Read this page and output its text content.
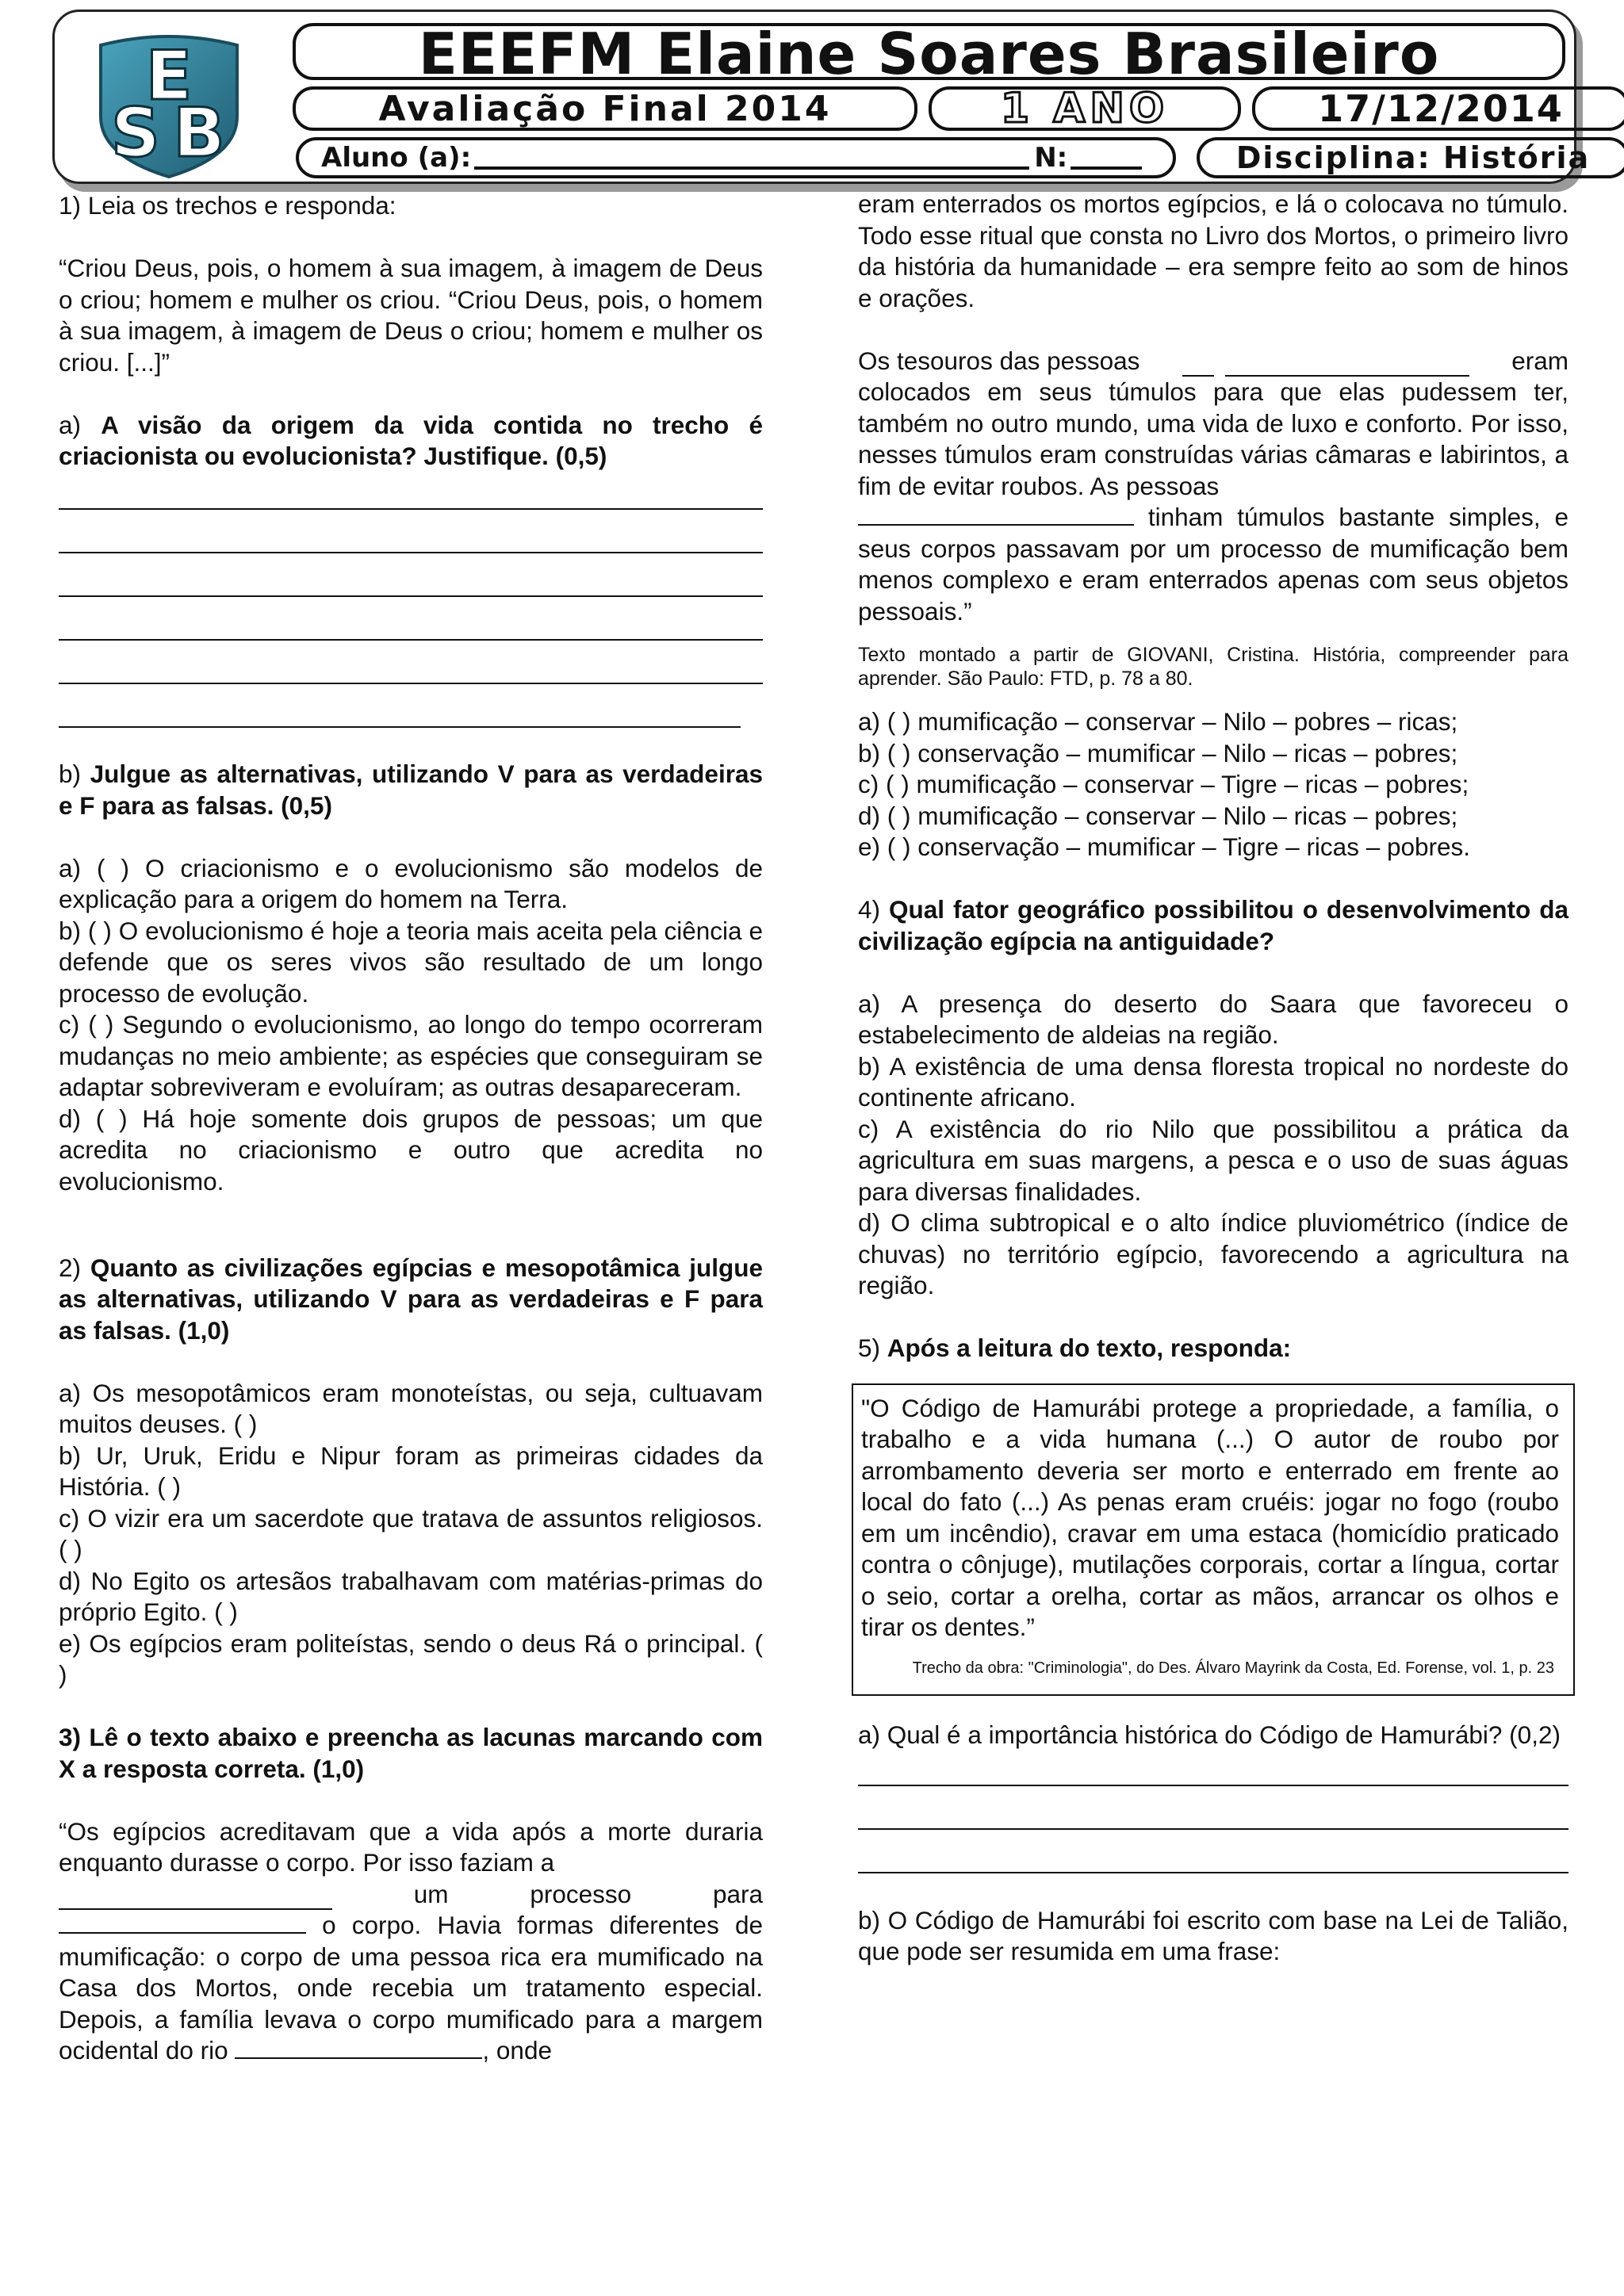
E
S B
EEEFM Elaine Soares Brasileiro
Avaliação Final 2014	1 ANO	17/12/2014
Aluno (a):	N:	Disciplina: História

1) Leia os trechos e responda:

“Criou Deus, pois, o homem à sua imagem, à imagem de Deus o criou; homem e mulher os criou. “Criou Deus, pois, o homem à sua imagem, à imagem de Deus o criou; homem e mulher os criou. [...]”

a) A visão da origem da vida contida no trecho é criacionista ou evolucionista? Justifique. (0,5)

b) Julgue as alternativas, utilizando V para as verdadeiras e F para as falsas. (0,5)

a) ( ) O criacionismo e o evolucionismo são modelos de explicação para a origem do homem na Terra.

b) ( ) O evolucionismo é hoje a teoria mais aceita pela ciência e defende que os seres vivos são resultado de um longo processo de evolução.

c) ( ) Segundo o evolucionismo, ao longo do tempo ocorreram mudanças no meio ambiente; as espécies que conseguiram se adaptar sobreviveram e evoluíram; as outras desapareceram.

d) ( ) Há hoje somente dois grupos de pessoas; um que acredita no criacionismo e outro que acredita no evolucionismo.

2) Quanto as civilizações egípcias e mesopotâmica julgue as alternativas, utilizando V para as verdadeiras e F para as falsas. (1,0)

a) Os mesopotâmicos eram monoteístas, ou seja, cultuavam muitos deuses. ( )

b) Ur, Uruk, Eridu e Nipur foram as primeiras cidades da História. ( )

c) O vizir era um sacerdote que tratava de assuntos religiosos. ( )

d) No Egito os artesãos trabalhavam com matérias-primas do próprio Egito. ( )

e) Os egípcios eram politeístas, sendo o deus Rá o principal. ( )

3) Lê o texto abaixo e preencha as lacunas marcando com X a resposta correta. (1,0)

“Os egípcios acreditavam que a vida após a morte duraria enquanto durasse o corpo. Por isso faziam a

um	processo	para

o corpo. Havia formas diferentes de mumificação: o corpo de uma pessoa rica era mumificado na Casa dos Mortos, onde recebia um tratamento especial. Depois, a família levava o corpo mumificado para a margem ocidental do rio	, onde

eram enterrados os mortos egípcios, e lá o colocava no túmulo. Todo esse ritual que consta no Livro dos Mortos, o primeiro livro da história da humanidade – era sempre feito ao som de hinos e orações.

Os tesouros das pessoas	eram

colocados em seus túmulos para que elas pudessem ter, também no outro mundo, uma vida de luxo e conforto. Por isso, nesses túmulos eram construídas várias câmaras e labirintos, a fim de evitar roubos. As pessoas

tinham túmulos bastante simples, e seus corpos passavam por um processo de mumificação bem menos complexo e eram enterrados apenas com seus objetos pessoais.”

Texto montado a partir de GIOVANI, Cristina. História, compreender para aprender. São Paulo: FTD, p. 78 a 80.

a) ( ) mumificação – conservar – Nilo – pobres – ricas;

b) ( ) conservação – mumificar – Nilo – ricas – pobres;

c) ( ) mumificação – conservar – Tigre – ricas – pobres;

d) ( ) mumificação – conservar – Nilo – ricas – pobres;

e) ( ) conservação – mumificar – Tigre – ricas – pobres.

4) Qual fator geográfico possibilitou o desenvolvimento da civilização egípcia na antiguidade?

a) A presença do deserto do Saara que favoreceu o estabelecimento de aldeias na região.

b) A existência de uma densa floresta tropical no nordeste do continente africano.

c) A existência do rio Nilo que possibilitou a prática da agricultura em suas margens, a pesca e o uso de suas águas para diversas finalidades.

d) O clima subtropical e o alto índice pluviométrico (índice de chuvas) no território egípcio, favorecendo a agricultura na região.

5) Após a leitura do texto, responda:

"O Código de Hamurábi protege a propriedade, a família, o trabalho e a vida humana (...) O autor de roubo por arrombamento deveria ser morto e enterrado em frente ao local do fato (...) As penas eram cruéis: jogar no fogo (roubo em um incêndio), cravar em uma estaca (homicídio praticado contra o cônjuge), mutilações corporais, cortar a língua, cortar o seio, cortar a orelha, cortar as mãos, arrancar os olhos e tirar os dentes.”

Trecho da obra: "Criminologia", do Des. Álvaro Mayrink da Costa, Ed. Forense, vol. 1, p. 23

a) Qual é a importância histórica do Código de Hamurábi? (0,2)

b) O Código de Hamurábi foi escrito com base na Lei de Talião, que pode ser resumida em uma frase:
